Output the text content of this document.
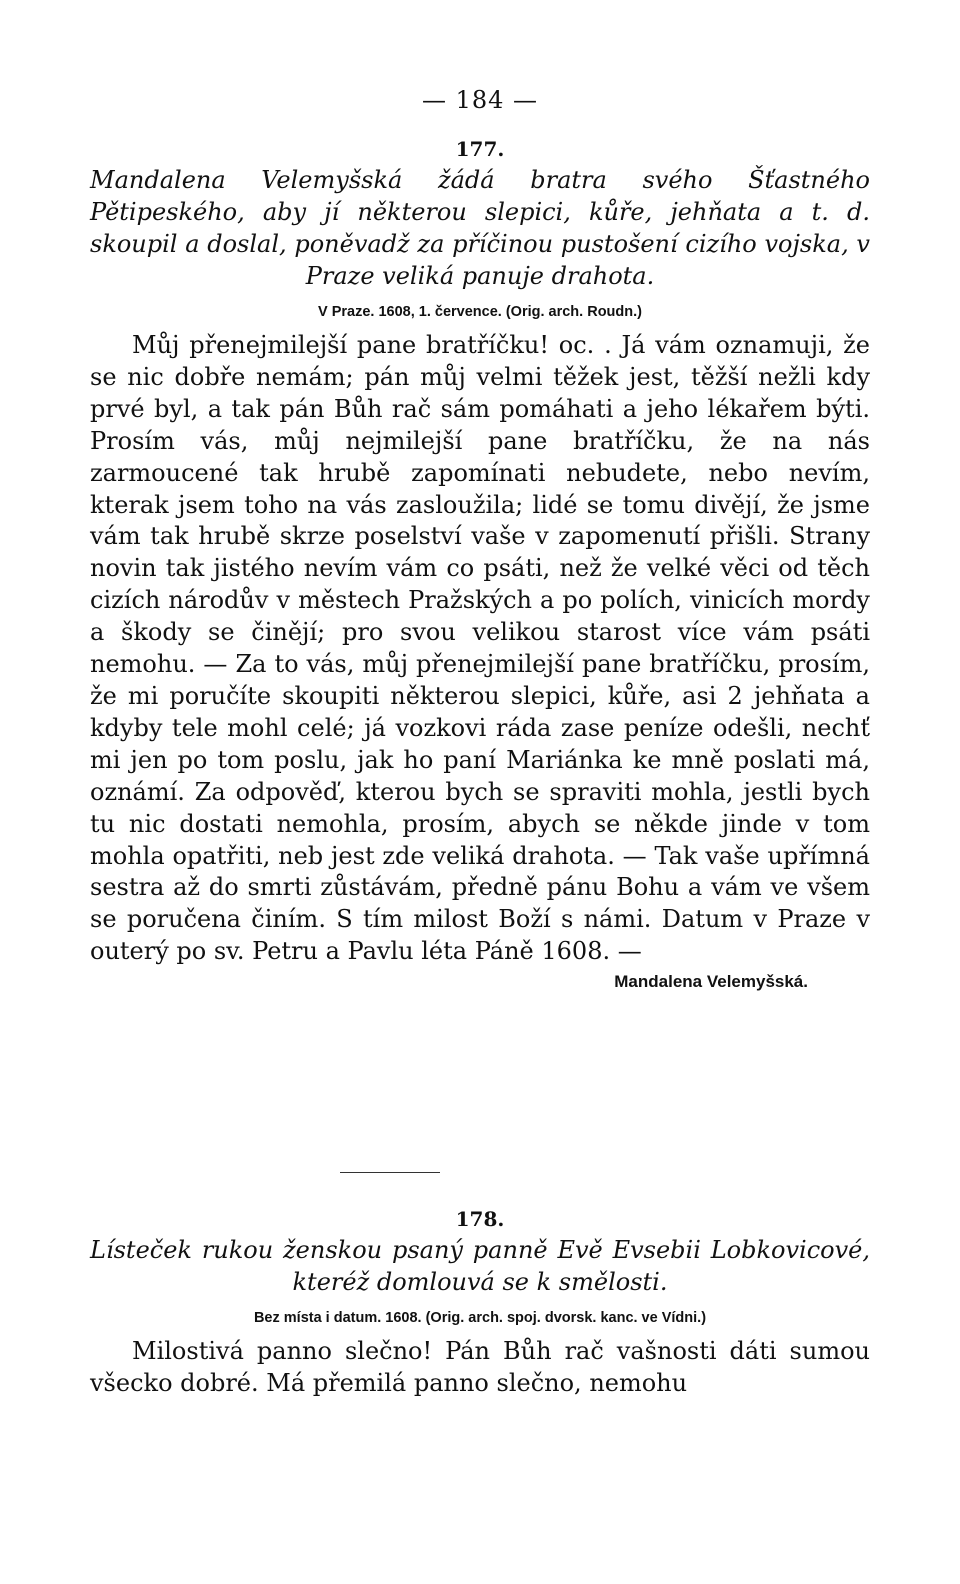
— 184 —
177.

Mandalena Velemyšská žádá bratra svého Šťastného Pětipeského, aby jí některou slepici, kůře, jehňata a t. d. skoupil a doslal, poněvadž za příčinou pustošení cizího vojska, v Praze veliká panuje drahota.

V Praze. 1608, 1. července. (Orig. arch. Roudn.)

Můj přenejmilejší pane bratříčku! oc. . Já vám oznamuji, že se nic dobře nemám; pán můj velmi těžek jest, těžší nežli kdy prvé byl, a tak pán Bůh rač sám pomáhati a jeho lékařem býti. Prosím vás, můj nejmilejší pane bratříčku, že na nás zarmoucené tak hrubě zapomínati nebudete, nebo nevím, kterak jsem toho na vás zasloužila; lidé se tomu divějí, že jsme vám tak hrubě skrze poselství vaše v zapomenutí přišli. Strany novin tak jistého nevím vám co psáti, než že velké věci od těch cizích národův v městech Pražských a po polích, vinicích mordy a škody se činějí; pro svou velikou starost více vám psáti nemohu. — Za to vás, můj přenejmilejší pane bratříčku, prosím, že mi poručíte skoupiti některou slepici, kůře, asi 2 jehňata a kdyby tele mohl celé; já vozkovi ráda zase peníze odešli, nechť mi jen po tom poslu, jak ho paní Mariánka ke mně poslati má, oznámí. Za odpověď, kterou bych se spraviti mohla, jestli bych tu nic dostati nemohla, prosím, abych se někde jinde v tom mohla opatřiti, neb jest zde veliká drahota. — Tak vaše upřímná sestra až do smrti zůstávám, předně pánu Bohu a vám ve všem se poručena činím. S tím milost Boží s námi. Datum v Praze v outerý po sv. Petru a Pavlu léta Páně 1608. —

Mandalena Velemyšská.
178.

Lísteček rukou ženskou psaný panně Evě Evsebii Lobkovicové, kteréž domlouvá se k smělosti.

Bez místa i datum. 1608. (Orig. arch. spoj. dvorsk. kanc. ve Vídni.)

Milostivá panno slečno! Pán Bůh rač vašnosti dáti sumou všecko dobré. Má přemilá panno slečno, nemohu
